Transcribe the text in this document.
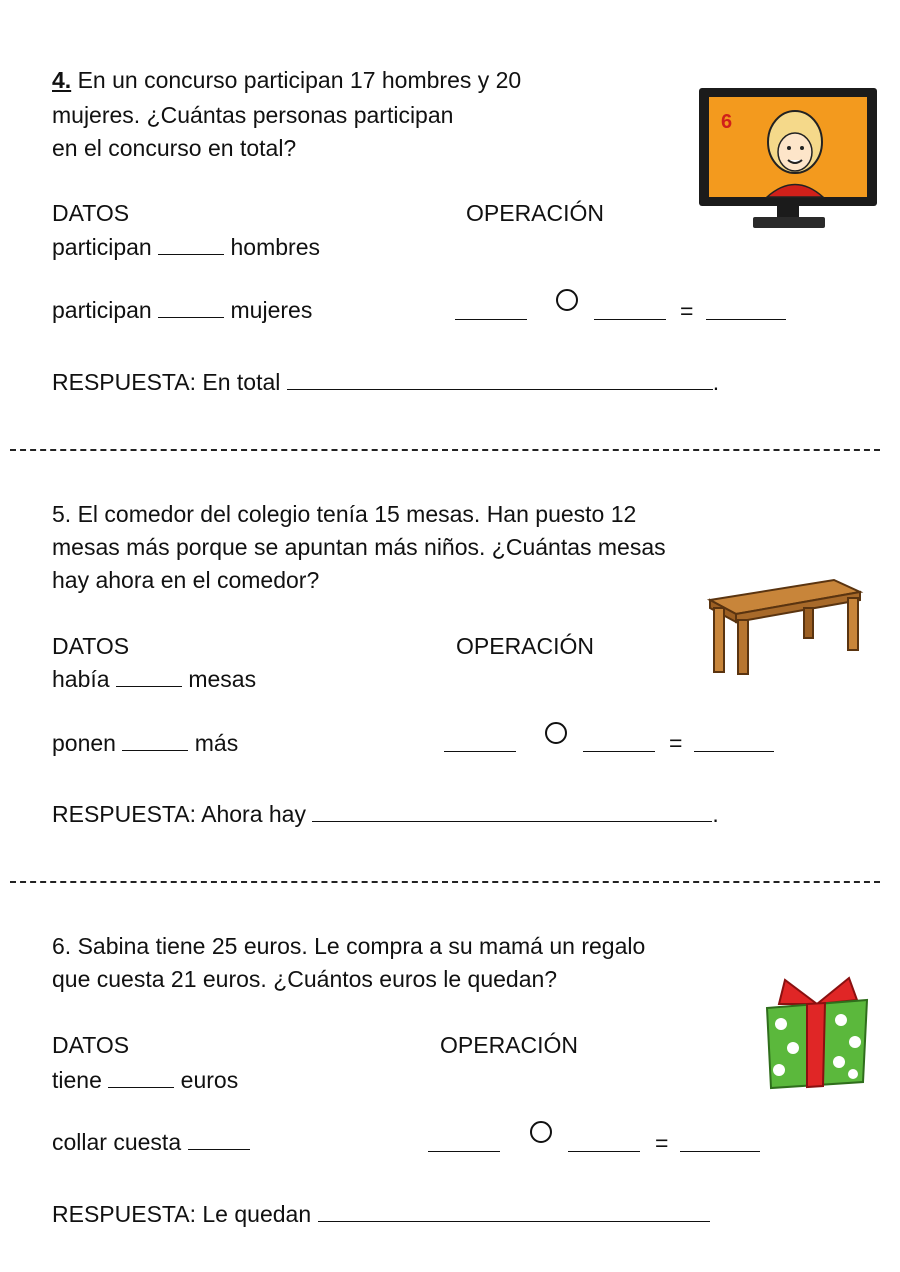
4. En un concurso participan 17 hombres y 20
mujeres. ¿Cuántas personas participan
en el concurso en total?
DATOS	OPERACIÓN
participan	hombres
participan	mujeres	=
RESPUESTA: En total	.
6
5. El comedor del colegio tenía 15 mesas. Han puesto 12
mesas más porque se apuntan más niños. ¿Cuántas mesas
hay ahora en el comedor?
DATOS	OPERACIÓN
había	mesas
ponen	más	=
RESPUESTA: Ahora hay	.
6. Sabina tiene 25 euros. Le compra a su mamá un regalo
que cuesta 21 euros. ¿Cuántos euros le quedan?
DATOS	OPERACIÓN
tiene	euros
collar cuesta	=
RESPUESTA: Le quedan
